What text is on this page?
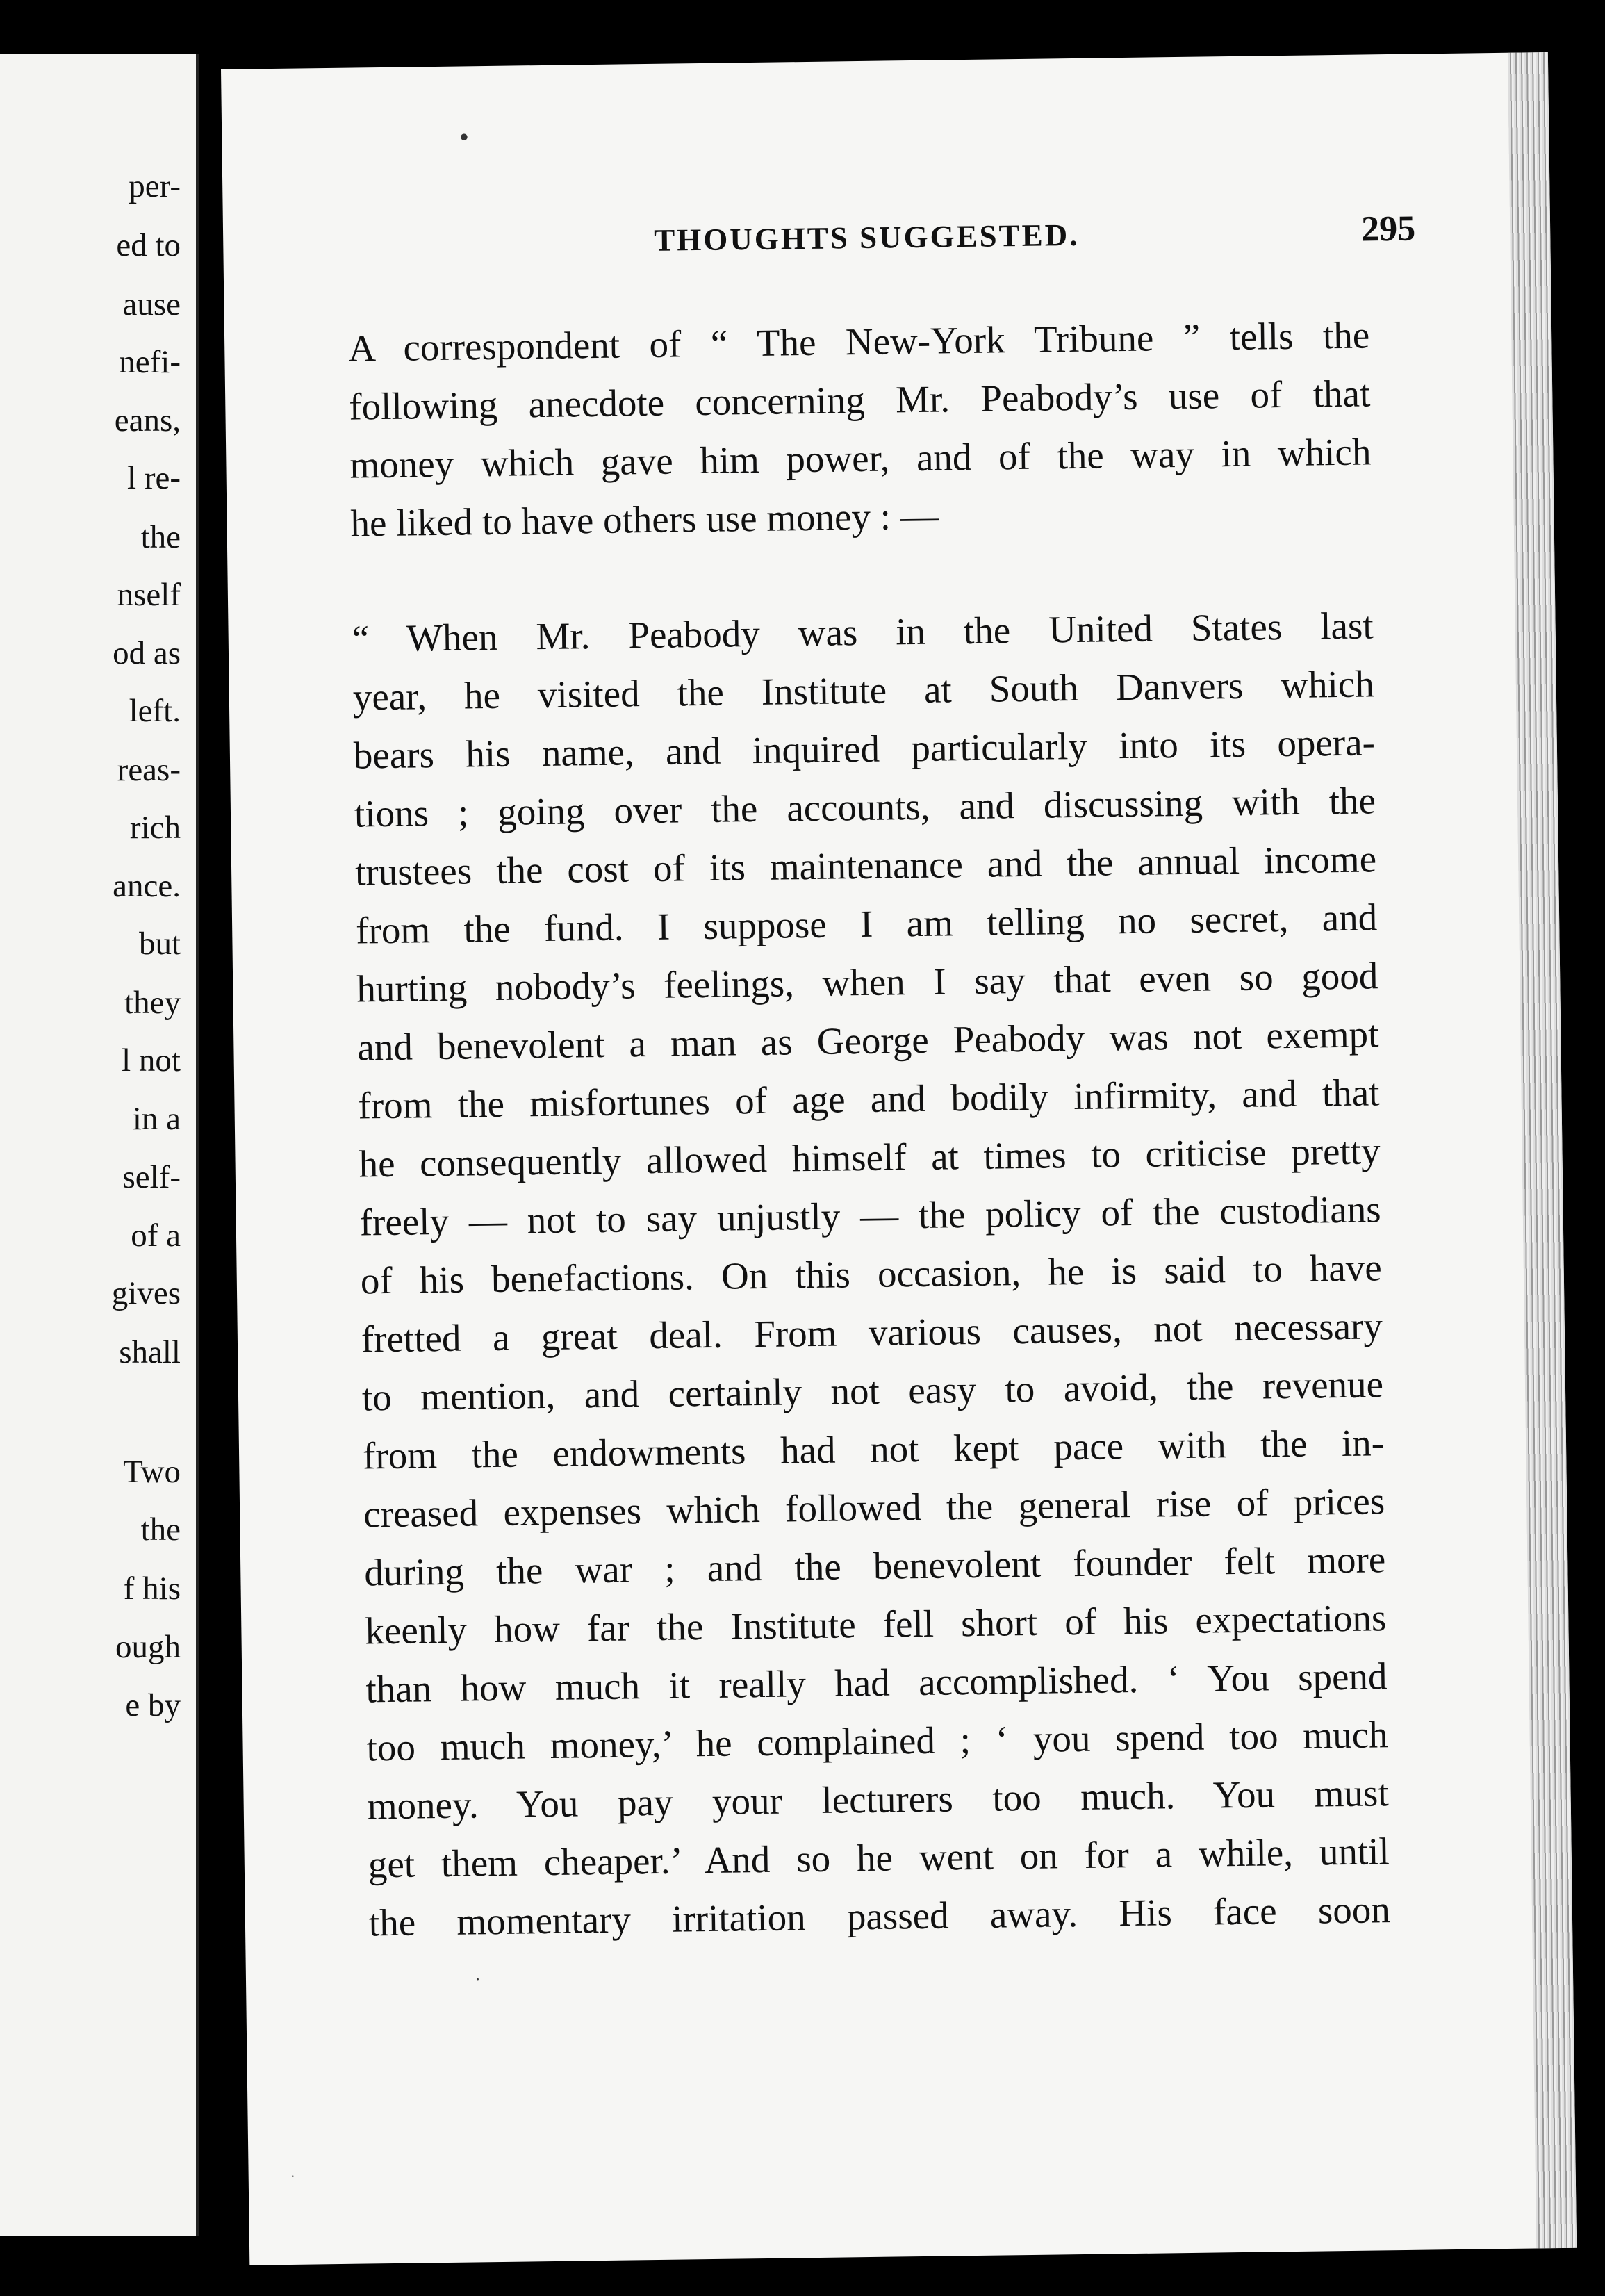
per-
ed to
ause
nefi-
eans,
l re-
the
nself
od as
left.
reas-
rich
ance.
but
they
l not
in a
self-
of a
gives
shall
Two
the
f his
ough
e by
●
THOUGHTS SUGGESTED.	295
A correspondent of “ The New-York Tribune ” tells the
following anecdote concerning Mr. Peabody’s use of that
money which gave him power, and of the way in which
he liked to have others use money : —
“ When Mr. Peabody was in the United States last
year, he visited the Institute at South Danvers which
bears his name, and inquired particularly into its opera-
tions ; going over the accounts, and discussing with the
trustees the cost of its maintenance and the annual income
from the fund. I suppose I am telling no secret, and
hurting nobody’s feelings, when I say that even so good
and benevolent a man as George Peabody was not exempt
from the misfortunes of age and bodily infirmity, and that
he consequently allowed himself at times to criticise pretty
freely — not to say unjustly — the policy of the custodians
of his benefactions. On this occasion, he is said to have
fretted a great deal. From various causes, not necessary
to mention, and certainly not easy to avoid, the revenue
from the endowments had not kept pace with the in-
creased expenses which followed the general rise of prices
during the war ; and the benevolent founder felt more
keenly how far the Institute fell short of his expectations
than how much it really had accomplished. ‘ You spend
too much money,’ he complained ; ‘ you spend too much
money. You pay your lecturers too much. You must
get them cheaper.’ And so he went on for a while, until
the momentary irritation passed away. His face soon
·
·
